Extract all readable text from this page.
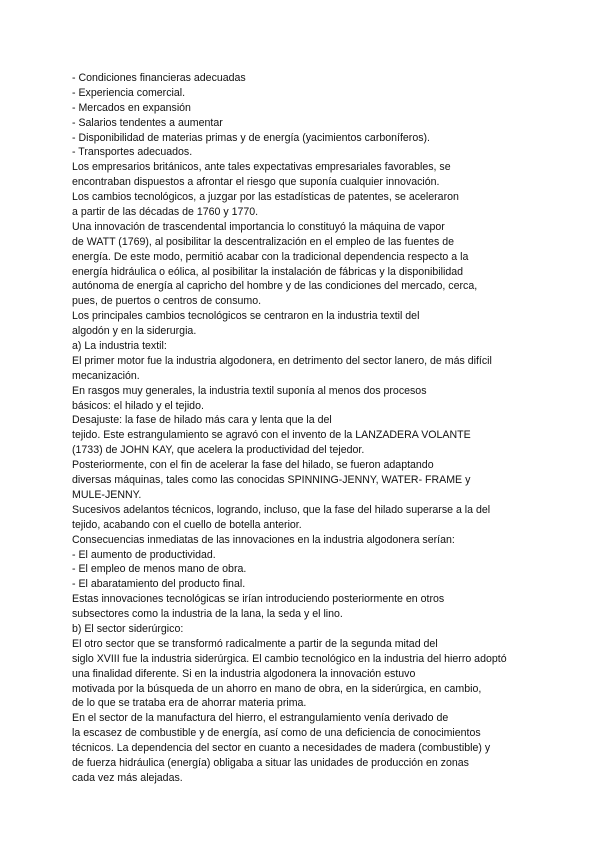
- Condiciones financieras adecuadas
- Experiencia comercial.
- Mercados en expansión
- Salarios tendentes a aumentar
- Disponibilidad de materias primas y de energía (yacimientos carboníferos).
- Transportes adecuados.
Los empresarios británicos, ante tales expectativas empresariales favorables, se
encontraban dispuestos a afrontar el riesgo que suponía cualquier innovación.
Los cambios tecnológicos, a juzgar por las estadísticas de patentes, se aceleraron
a partir de las décadas de 1760 y 1770.
Una innovación de trascendental importancia lo constituyó la máquina de vapor
de WATT (1769), al posibilitar la descentralización en el empleo de las fuentes de
energía. De este modo, permitió acabar con la tradicional dependencia respecto a la
energía hidráulica o eólica, al posibilitar la instalación de fábricas y la disponibilidad
autónoma de energía al capricho del hombre y de las condiciones del mercado, cerca,
pues, de puertos o centros de consumo.
Los principales cambios tecnológicos se centraron en la industria textil del
algodón y en la siderurgia.
a) La industria textil:
El primer motor fue la industria algodonera, en detrimento del sector lanero, de más difícil
mecanización.
En rasgos muy generales, la industria textil suponía al menos dos procesos
básicos: el hilado y el tejido.
Desajuste: la fase de hilado más cara y lenta que la del
tejido. Este estrangulamiento se agravó con el invento de la LANZADERA VOLANTE
(1733) de JOHN KAY, que acelera la productividad del tejedor.
Posteriormente, con el fin de acelerar la fase del hilado, se fueron adaptando
diversas máquinas, tales como las conocidas SPINNING-JENNY, WATER- FRAME y
MULE-JENNY.
Sucesivos adelantos técnicos, logrando, incluso, que la fase del hilado superarse a la del
tejido, acabando con el cuello de botella anterior.
Consecuencias inmediatas de las innovaciones en la industria algodonera serían:
- El aumento de productividad.
- El empleo de menos mano de obra.
- El abaratamiento del producto final.
Estas innovaciones tecnológicas se irían introduciendo posteriormente en otros
subsectores como la industria de la lana, la seda y el lino.
b) El sector siderúrgico:
El otro sector que se transformó radicalmente a partir de la segunda mitad del
siglo XVIII fue la industria siderúrgica. El cambio tecnológico en la industria del hierro adoptó
una finalidad diferente. Si en la industria algodonera la innovación estuvo
motivada por la búsqueda de un ahorro en mano de obra, en la siderúrgica, en cambio,
de lo que se trataba era de ahorrar materia prima.
En el sector de la manufactura del hierro, el estrangulamiento venía derivado de
la escasez de combustible y de energía, así como de una deficiencia de conocimientos
técnicos. La dependencia del sector en cuanto a necesidades de madera (combustible) y
de fuerza hidráulica (energía) obligaba a situar las unidades de producción en zonas
cada vez más alejadas.
